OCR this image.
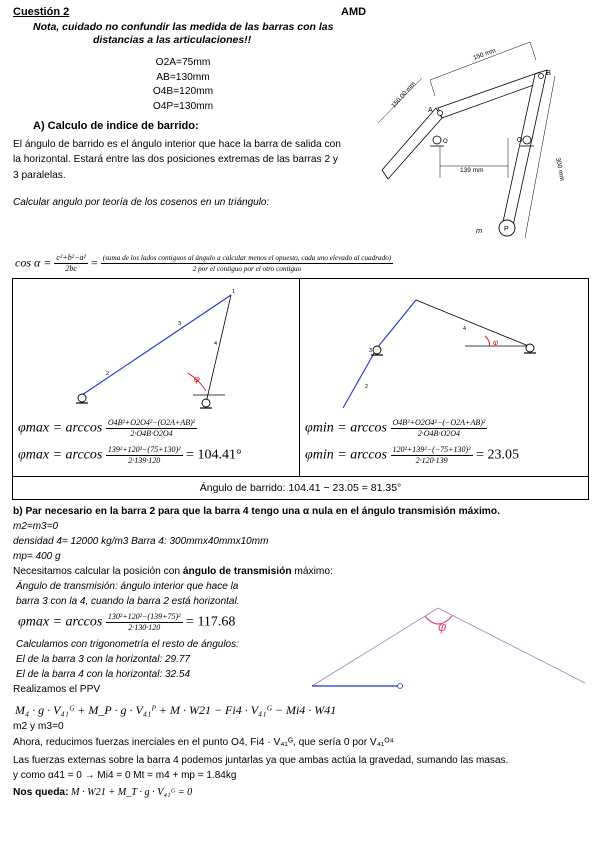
Cuestión 2	AMD
Nota, cuidado no confundir las medida de las barras con las
distancias a las articulaciones!!
O2A=75mm
AB=130mm
O4B=120mm
O4P=130mm
A) Calculo de indice de barrido:
El ángulo de barrido es el ángulo interior que hace la barra de salida con
la horizontal. Estará entre las dos posiciones extremas de las barras 2 y
3 paralelas.
Calcular angulo por teoría de los cosenos en un triángulo:
150 mm
150.00 mm
300 mm
139 mm
B
A
O
O
m	P
$\cos \alpha = \frac{\text{c²+b²−a²}}{2bc}$ = (suma de los lados contiguos al ángulo a calcular menos el opuesto, cada uno elevado al cuadrado)
2 por el contiguo por el otro contiguo
φ
3
2
4
1
φ
4
3
2
$\varphi\max = \arccos \frac{\text{O4B²+O2O4²−(O2A+AB)²}}{2\cdot O4B\cdot O2O4}$
$\varphi\max = \arccos \frac{\text{139²+120²−(75+130)²}}{2\cdot 139\cdot 120} = 104.41^\circ$
$\varphi\min = \arccos \frac{\text{O4B²+O2O4²−(−O2A+AB)²}}{2\cdot O4B\cdot O2O4}$
$\varphi\min = \arccos \frac{\text{120²+139²−(−75+130)²}}{2\cdot 120\cdot 139} = 23.05$
Ángulo de barrido: 104.41 − 23.05 = 81.35°
b) Par necesario en la barra 2 para que la barra 4 tengo una α nula en el ángulo transmisión máximo.
m2=m3=0
densidad 4= 12000 kg/m3 Barra 4: 300mmx40mmx10mm
mp= 400 g
Necesitamos calcular la posición con ángulo de transmisión máximo:
Ángulo de transmisión: ángulo interior que hace la
barra 3 con la 4, cuando la barra 2 está horizontal.
$\varphi\max = \arccos \frac{\text{130²+120²−(139+75)²}}{2\cdot 130\cdot 120} = 117.68$
Calculamos con trigonometría el resto de ángulos:
El de la barra 3 con la horizontal: 29.77
El de la barra 4 con la horizontal: 32.54
Realizamos el PPV
φ
M₄ · g · V₄₁ᴳ + M_P · g · V₄₁ᴾ + M · W21 − Fi4 · V₄₁ᴳ − Mi4 · W41
m2 y m3=0
Ahora, reducimos fuerzas inerciales en el punto O4, Fi4 · V₄₁ᴳ, que sería 0 por V₄₁ᴼ⁴
Las fuerzas externas sobre la barra 4 podemos juntarlas ya que ambas actúa la gravedad, sumando las masas.
y como α41 = 0 → Mi4 = 0 Mt = m4 + mp = 1.84kg
Nos queda: M · W21 + M_T · g · V₄₁ᴳ = 0
